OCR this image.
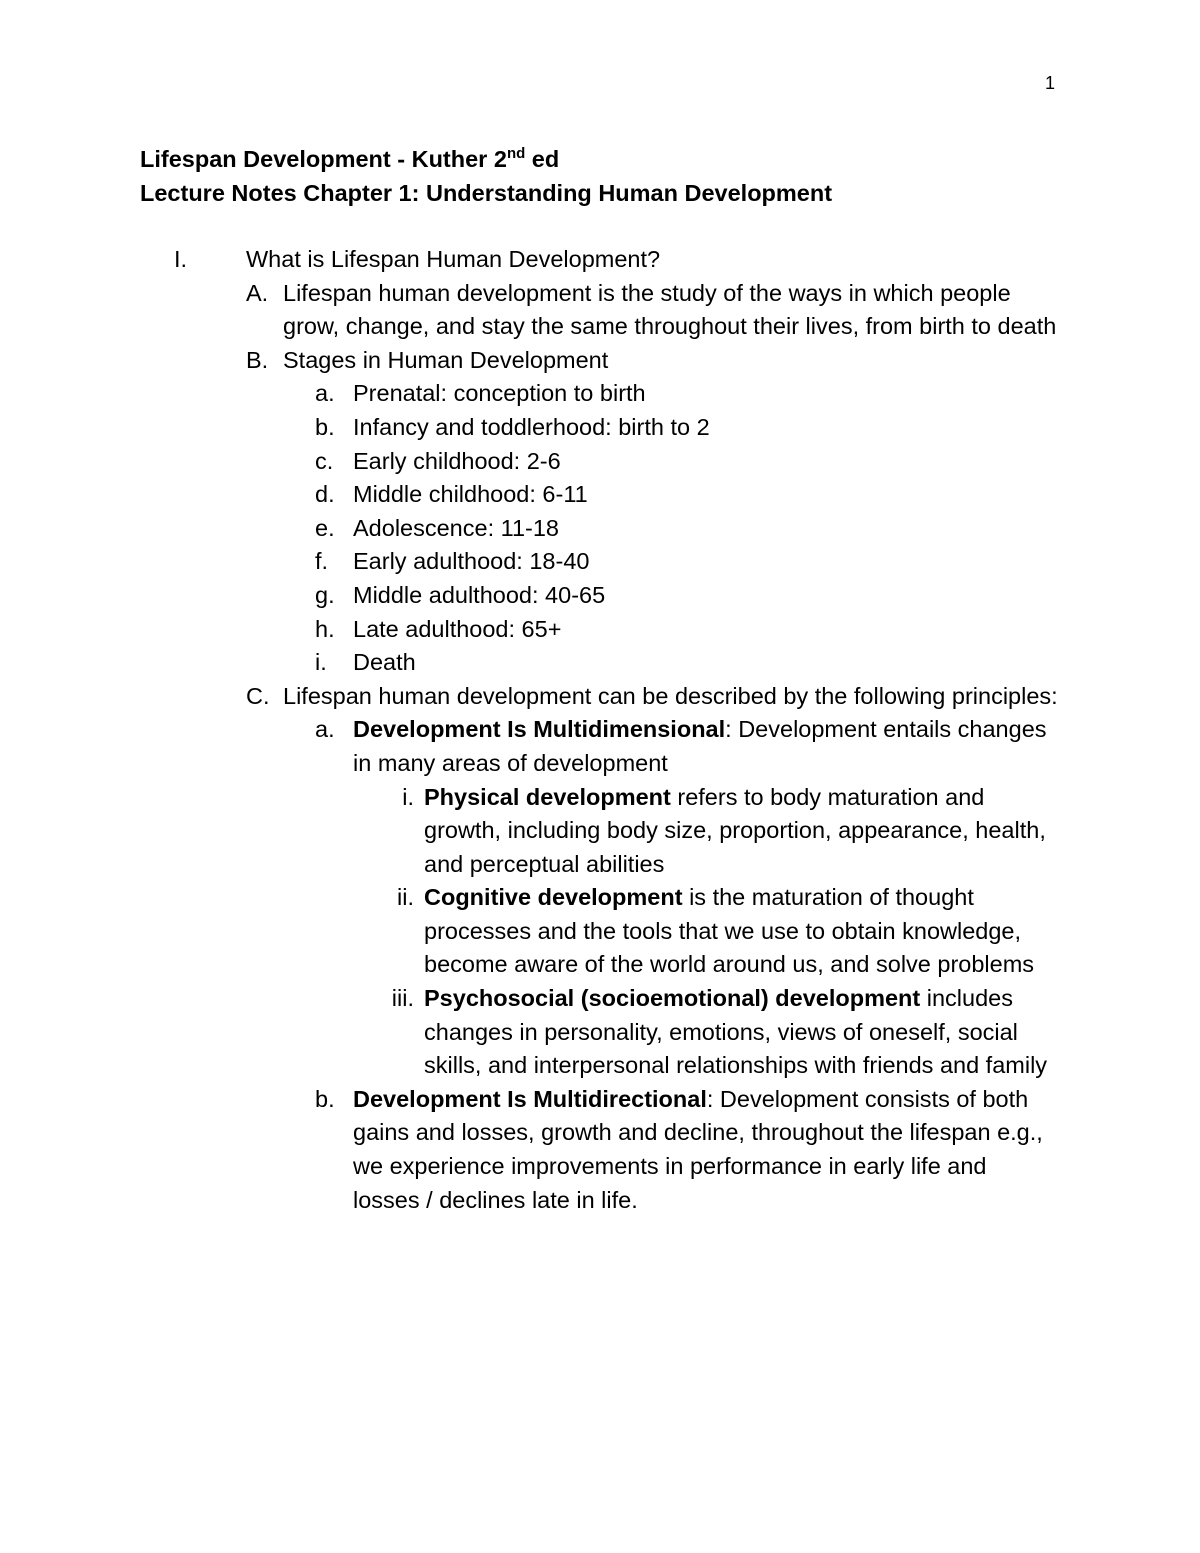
1
Lifespan Development - Kuther 2nd ed
Lecture Notes Chapter 1: Understanding Human Development
I.	What is Lifespan Human Development?
A. Lifespan human development is the study of the ways in which people grow, change, and stay the same throughout their lives, from birth to death
B. Stages in Human Development
a. Prenatal: conception to birth
b. Infancy and toddlerhood: birth to 2
c. Early childhood: 2-6
d. Middle childhood: 6-11
e. Adolescence: 11-18
f.	Early adulthood: 18-40
g. Middle adulthood: 40-65
h. Late adulthood: 65+
i.	Death
C. Lifespan human development can be described by the following principles:
a. Development Is Multidimensional: Development entails changes in many areas of development
i. Physical development refers to body maturation and growth, including body size, proportion, appearance, health, and perceptual abilities
ii. Cognitive development is the maturation of thought processes and the tools that we use to obtain knowledge, become aware of the world around us, and solve problems
iii. Psychosocial (socioemotional) development includes changes in personality, emotions, views of oneself, social skills, and interpersonal relationships with friends and family
b. Development Is Multidirectional: Development consists of both gains and losses, growth and decline, throughout the lifespan e.g., we experience improvements in performance in early life and losses / declines late in life.
